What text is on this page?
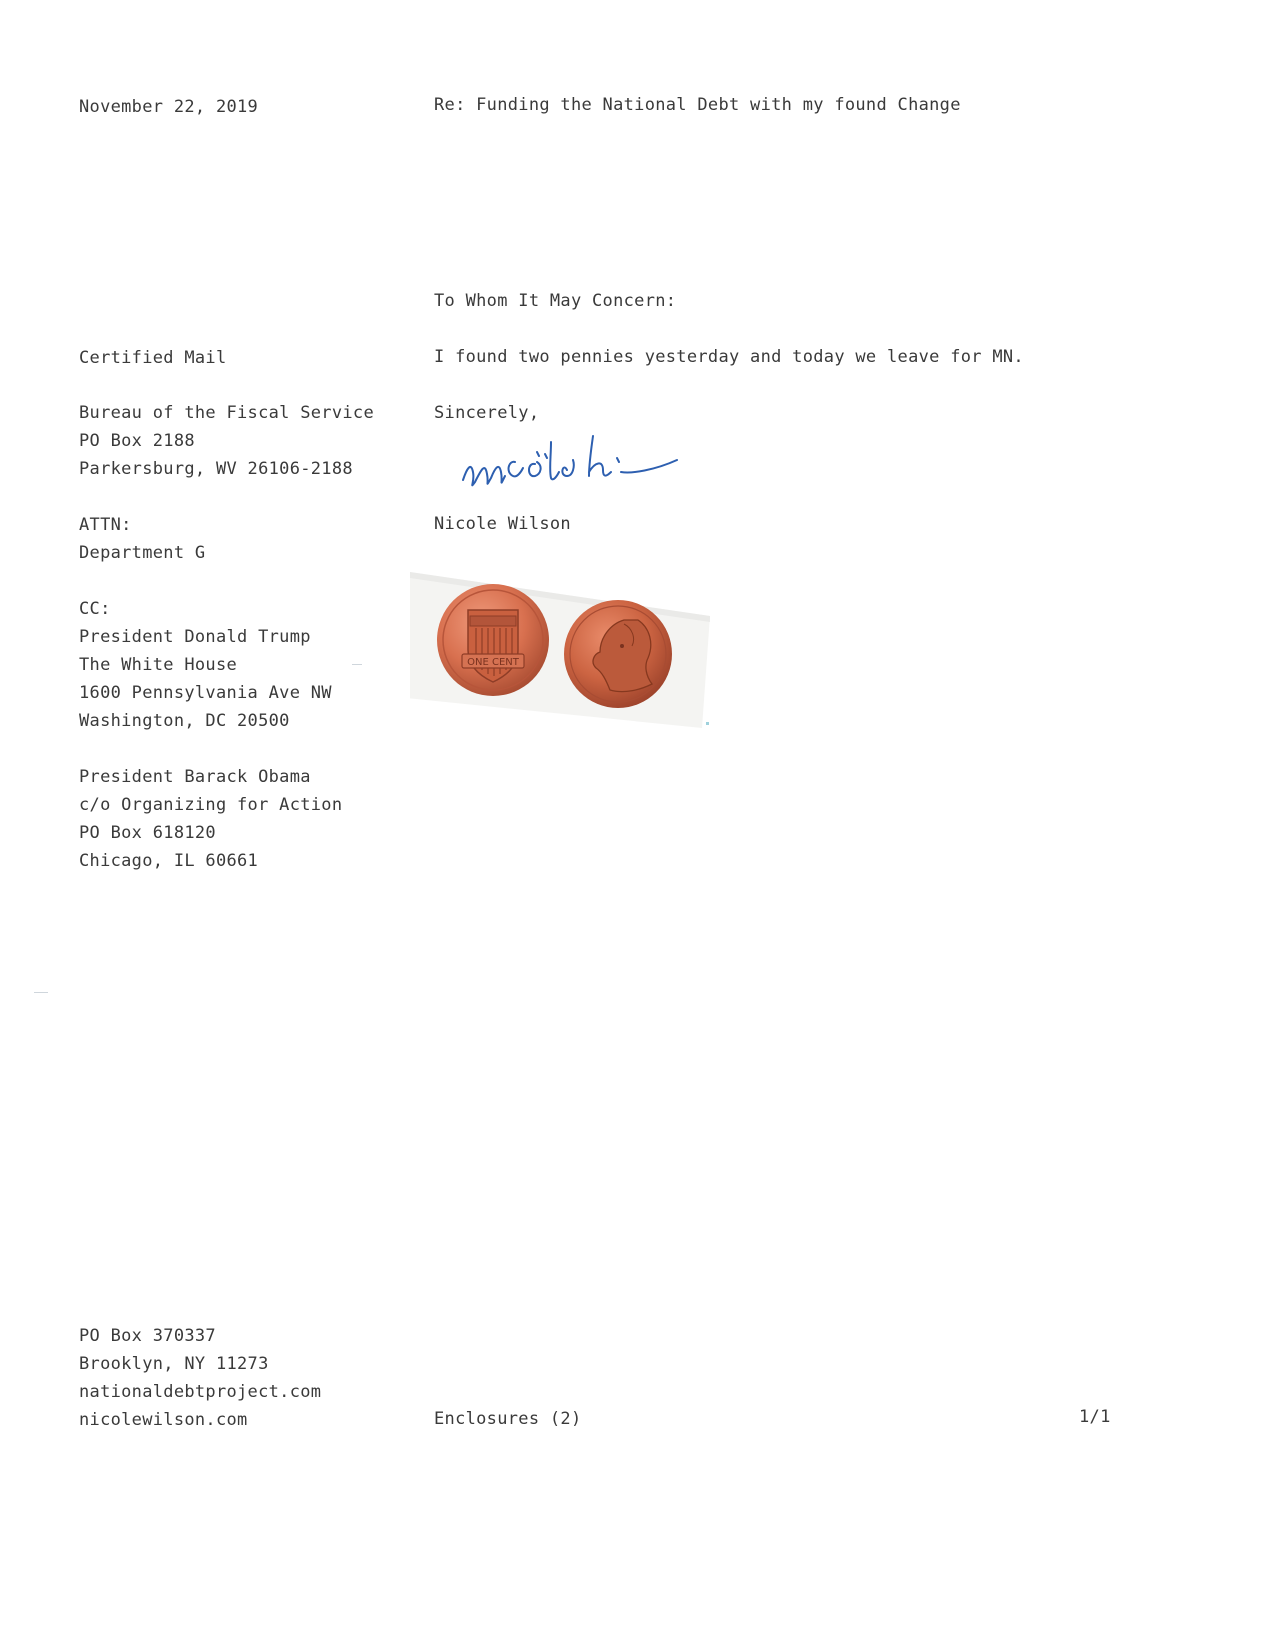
November 22, 2019	Re: Funding the National Debt with my found Change
To Whom It May Concern:
I found two pennies yesterday and today we leave for MN.
Sincerely,
Nicole Wilson
ONE CENT
Certified Mail
Bureau of the Fiscal Service
PO Box 2188
Parkersburg, WV 26106-2188
ATTN:
Department G
CC:
President Donald Trump
The White House
1600 Pennsylvania Ave NW
Washington, DC 20500
President Barack Obama
c/o Organizing for Action
PO Box 618120
Chicago, IL 60661
PO Box 370337
Brooklyn, NY 11273
nationaldebtproject.com
nicolewilson.com	Enclosures (2)	1/1
